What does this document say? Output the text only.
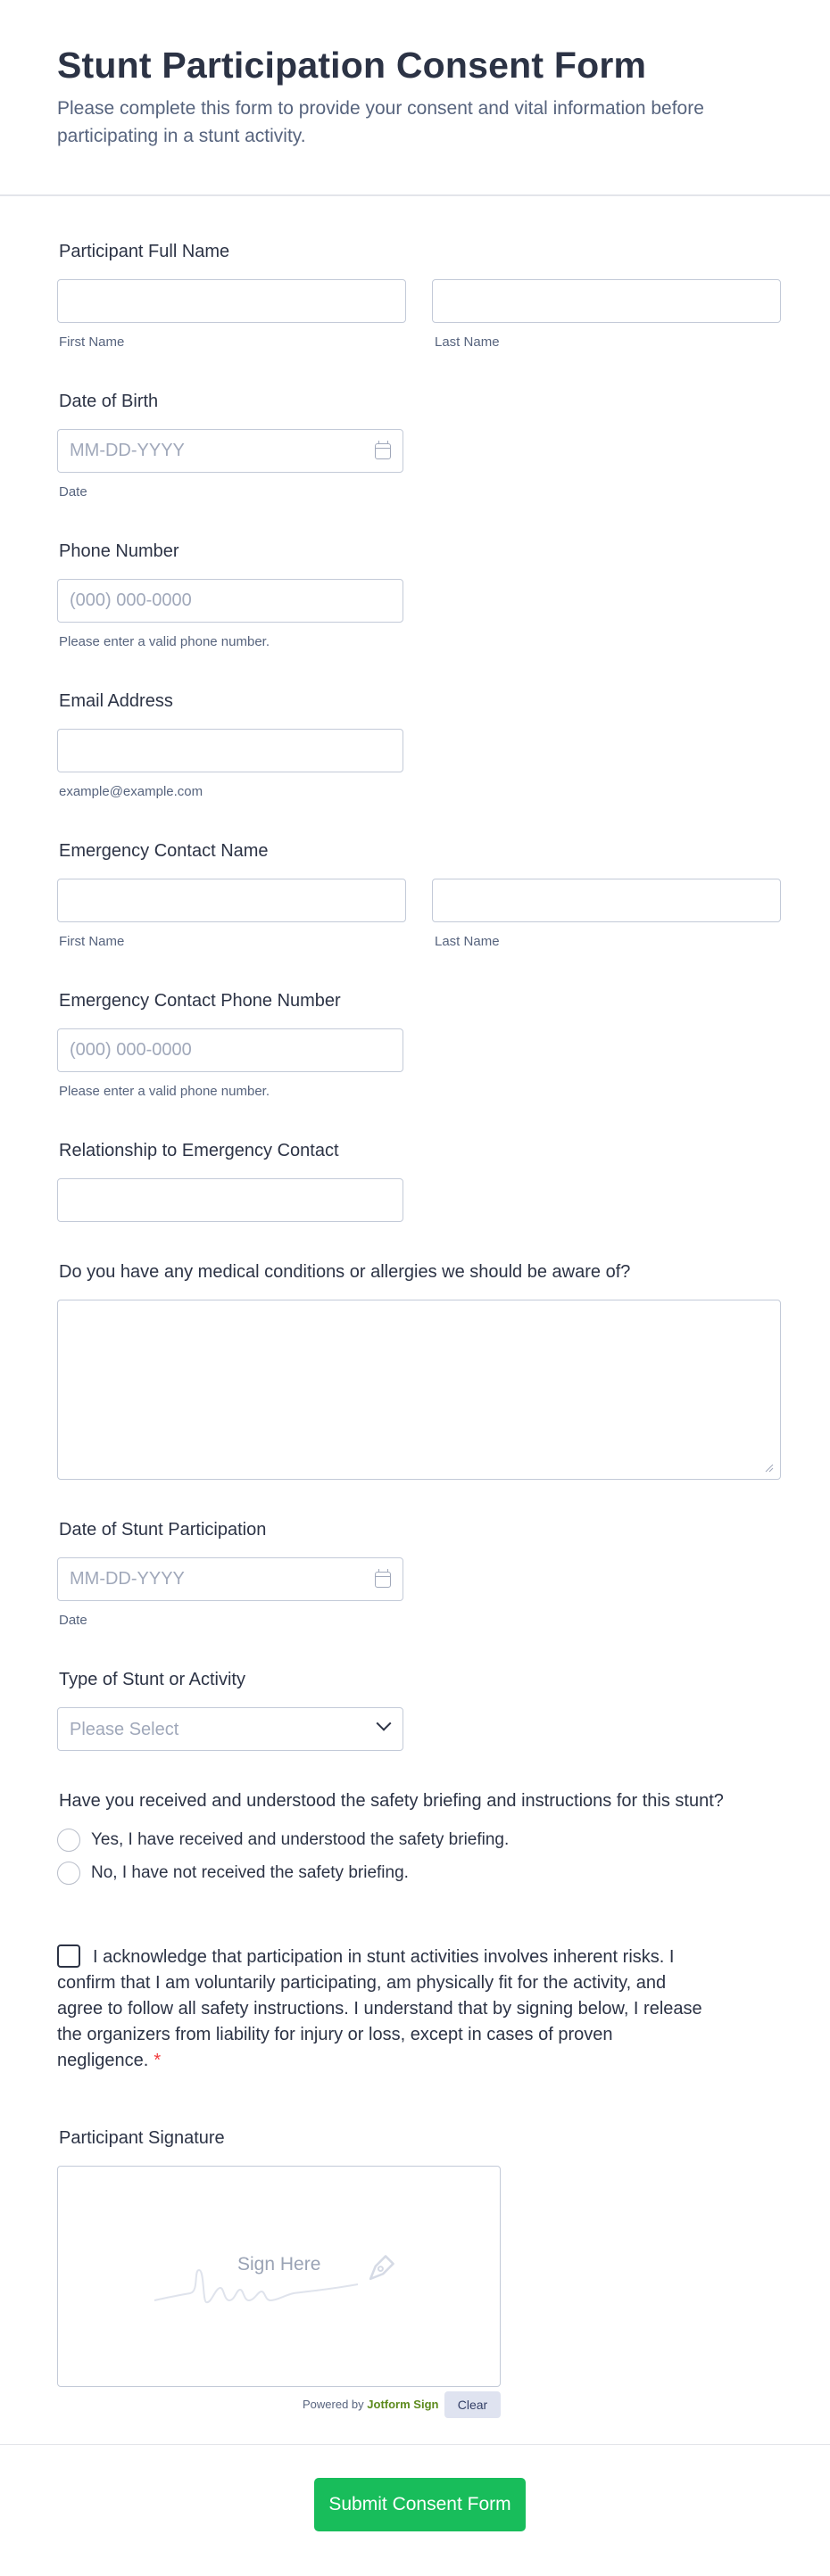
Stunt Participation Consent Form

Please complete this form to provide your consent and vital information before participating in a stunt activity.

Participant Full Name
First Name	Last Name
Date of Birth
MM-DD-YYYY
Date
Phone Number
(000) 000-0000
Please enter a valid phone number.
Email Address
example@example.com
Emergency Contact Name
First Name	Last Name
Emergency Contact Phone Number
(000) 000-0000
Please enter a valid phone number.
Relationship to Emergency Contact
Do you have any medical conditions or allergies we should be aware of?
Date of Stunt Participation
MM-DD-YYYY
Date
Type of Stunt or Activity
Please Select
Have you received and understood the safety briefing and instructions for this stunt?
Yes, I have received and understood the safety briefing.
No, I have not received the safety briefing.

I acknowledge that participation in stunt activities involves inherent risks. I confirm that I am voluntarily participating, am physically fit for the activity, and agree to follow all safety instructions. I understand that by signing below, I release the organizers from liability for injury or loss, except in cases of proven negligence. *

Participant Signature
Sign Here
Powered by Jotform Sign	Clear
Submit Consent Form
